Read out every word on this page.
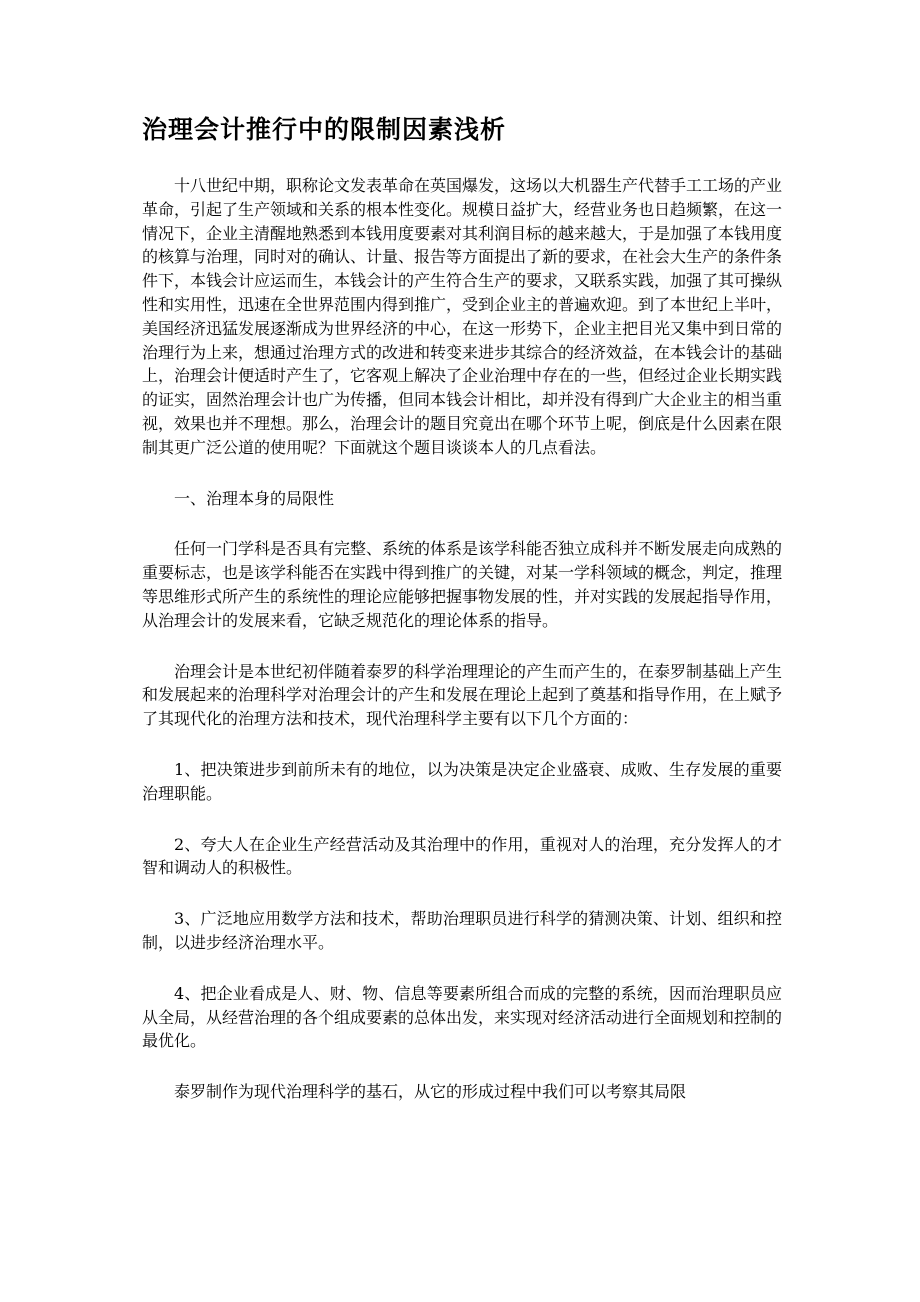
治理会计推行中的限制因素浅析

十八世纪中期，职称论文发表革命在英国爆发，这场以大机器生产代替手工工场的产业革命，引起了生产领域和关系的根本性变化。规模日益扩大，经营业务也日趋频繁，在这一情况下，企业主清醒地熟悉到本钱用度要素对其利润目标的越来越大，于是加强了本钱用度的核算与治理，同时对的确认、计量、报告等方面提出了新的要求，在社会大生产的条件条件下，本钱会计应运而生，本钱会计的产生符合生产的要求，又联系实践，加强了其可操纵性和实用性，迅速在全世界范围内得到推广，受到企业主的普遍欢迎。到了本世纪上半叶，美国经济迅猛发展逐渐成为世界经济的中心，在这一形势下，企业主把目光又集中到日常的治理行为上来，想通过治理方式的改进和转变来进步其综合的经济效益，在本钱会计的基础上，治理会计便适时产生了，它客观上解决了企业治理中存在的一些，但经过企业长期实践的证实，固然治理会计也广为传播，但同本钱会计相比，却并没有得到广大企业主的相当重视，效果也并不理想。那么，治理会计的题目究竟出在哪个环节上呢，倒底是什么因素在限制其更广泛公道的使用呢？下面就这个题目谈谈本人的几点看法。

一、治理本身的局限性

任何一门学科是否具有完整、系统的体系是该学科能否独立成科并不断发展走向成熟的重要标志，也是该学科能否在实践中得到推广的关键，对某一学科领域的概念，判定，推理等思维形式所产生的系统性的理论应能够把握事物发展的性，并对实践的发展起指导作用，从治理会计的发展来看，它缺乏规范化的理论体系的指导。

治理会计是本世纪初伴随着泰罗的科学治理理论的产生而产生的，在泰罗制基础上产生和发展起来的治理科学对治理会计的产生和发展在理论上起到了奠基和指导作用，在上赋予了其现代化的治理方法和技术，现代治理科学主要有以下几个方面的：

1、把决策进步到前所未有的地位，以为决策是决定企业盛衰、成败、生存发展的重要治理职能。

2、夸大人在企业生产经营活动及其治理中的作用，重视对人的治理，充分发挥人的才智和调动人的积极性。

3、广泛地应用数学方法和技术，帮助治理职员进行科学的猜测决策、计划、组织和控制，以进步经济治理水平。

4、把企业看成是人、财、物、信息等要素所组合而成的完整的系统，因而治理职员应从全局，从经营治理的各个组成要素的总体出发，来实现对经济活动进行全面规划和控制的最优化。

泰罗制作为现代治理科学的基石，从它的形成过程中我们可以考察其局限
